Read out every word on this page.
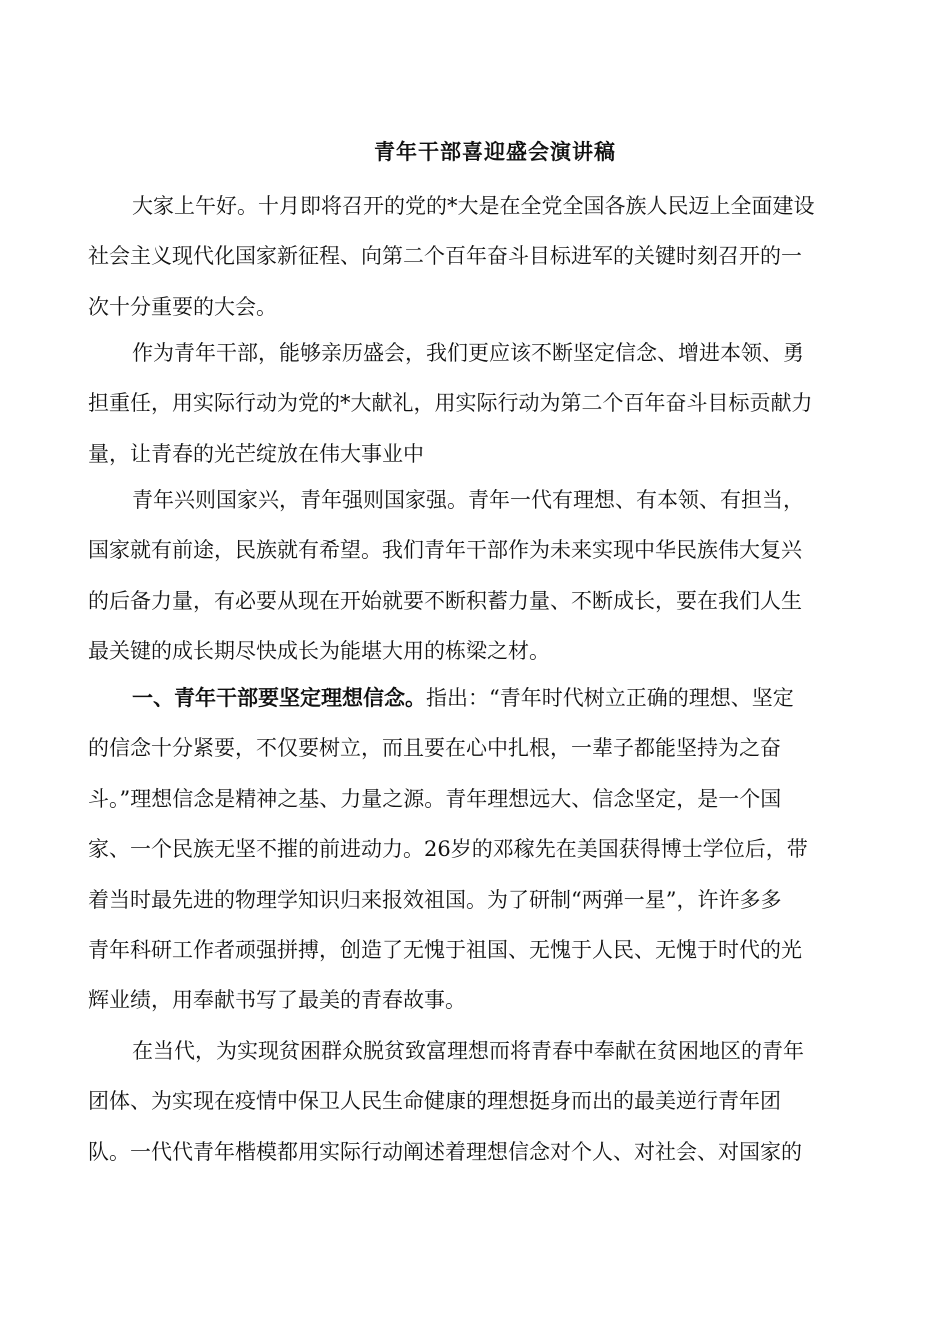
青年干部喜迎盛会演讲稿

大家上午好。十月即将召开的党的*大是在全党全国各族人民迈上全面建设
社会主义现代化国家新征程、向第二个百年奋斗目标进军的关键时刻召开的一
次十分重要的大会。

作为青年干部，能够亲历盛会，我们更应该不断坚定信念、增进本领、勇
担重任，用实际行动为党的*大献礼，用实际行动为第二个百年奋斗目标贡献力
量，让青春的光芒绽放在伟大事业中

青年兴则国家兴，青年强则国家强。青年一代有理想、有本领、有担当，
国家就有前途，民族就有希望。我们青年干部作为未来实现中华民族伟大复兴
的后备力量，有必要从现在开始就要不断积蓄力量、不断成长，要在我们人生
最关键的成长期尽快成长为能堪大用的栋梁之材。

一、青年干部要坚定理想信念。指出：“青年时代树立正确的理想、坚定
的信念十分紧要，不仅要树立，而且要在心中扎根，一辈子都能坚持为之奋
斗。”理想信念是精神之基、力量之源。青年理想远大、信念坚定，是一个国
家、一个民族无坚不摧的前进动力。26岁的邓稼先在美国获得博士学位后，带
着当时最先进的物理学知识归来报效祖国。为了研制“两弹一星”，许许多多
青年科研工作者顽强拼搏，创造了无愧于祖国、无愧于人民、无愧于时代的光
辉业绩，用奉献书写了最美的青春故事。

在当代，为实现贫困群众脱贫致富理想而将青春中奉献在贫困地区的青年
团体、为实现在疫情中保卫人民生命健康的理想挺身而出的最美逆行青年团
队。一代代青年楷模都用实际行动阐述着理想信念对个人、对社会、对国家的
